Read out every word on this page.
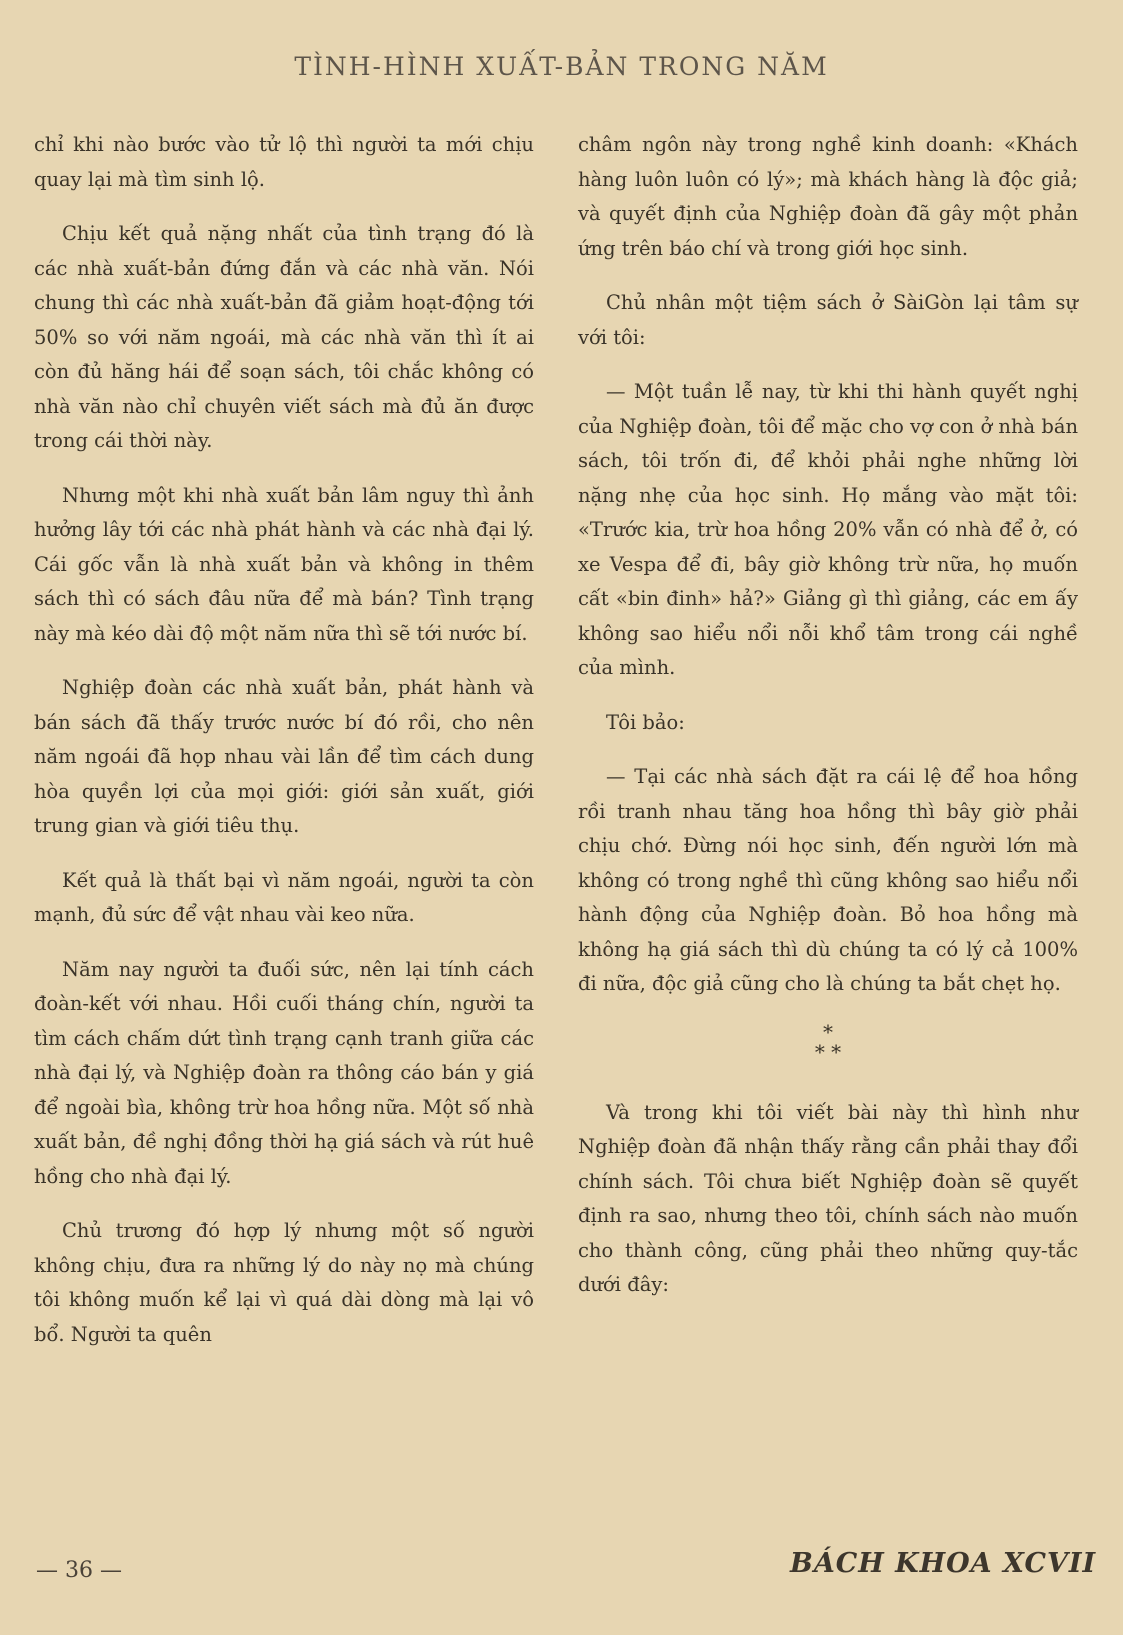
TÌNH-HÌNH XUẤT-BẢN TRONG NĂM

chỉ khi nào bước vào tử lộ thì người ta mới chịu quay lại mà tìm sinh lộ.

Chịu kết quả nặng nhất của tình trạng đó là các nhà xuất-bản đứng đắn và các nhà văn. Nói chung thì các nhà xuất-bản đã giảm hoạt-động tới 50% so với năm ngoái, mà các nhà văn thì ít ai còn đủ hăng hái để soạn sách, tôi chắc không có nhà văn nào chỉ chuyên viết sách mà đủ ăn được trong cái thời này.

Nhưng một khi nhà xuất bản lâm nguy thì ảnh hưởng lây tới các nhà phát hành và các nhà đại lý. Cái gốc vẫn là nhà xuất bản và không in thêm sách thì có sách đâu nữa để mà bán? Tình trạng này mà kéo dài độ một năm nữa thì sẽ tới nước bí.

Nghiệp đoàn các nhà xuất bản, phát hành và bán sách đã thấy trước nước bí đó rồi, cho nên năm ngoái đã họp nhau vài lần để tìm cách dung hòa quyền lợi của mọi giới: giới sản xuất, giới trung gian và giới tiêu thụ.

Kết quả là thất bại vì năm ngoái, người ta còn mạnh, đủ sức để vật nhau vài keo nữa.

Năm nay người ta đuối sức, nên lại tính cách đoàn-kết với nhau. Hồi cuối tháng chín, người ta tìm cách chấm dứt tình trạng cạnh tranh giữa các nhà đại lý, và Nghiệp đoàn ra thông cáo bán y giá để ngoài bìa, không trừ hoa hồng nữa. Một số nhà xuất bản, đề nghị đồng thời hạ giá sách và rút huê hồng cho nhà đại lý.

Chủ trương đó hợp lý nhưng một số người không chịu, đưa ra những lý do này nọ mà chúng tôi không muốn kể lại vì quá dài dòng mà lại vô bổ. Người ta quên

châm ngôn này trong nghề kinh doanh: «Khách hàng luôn luôn có lý»; mà khách hàng là độc giả; và quyết định của Nghiệp đoàn đã gây một phản ứng trên báo chí và trong giới học sinh.

Chủ nhân một tiệm sách ở SàiGòn lại tâm sự với tôi:

— Một tuần lễ nay, từ khi thi hành quyết nghị của Nghiệp đoàn, tôi để mặc cho vợ con ở nhà bán sách, tôi trốn đi, để khỏi phải nghe những lời nặng nhẹ của học sinh. Họ mắng vào mặt tôi: «Trước kia, trừ hoa hồng 20% vẫn có nhà để ở, có xe Vespa để đi, bây giờ không trừ nữa, họ muốn cất «bin đinh» hả?» Giảng gì thì giảng, các em ấy không sao hiểu nổi nỗi khổ tâm trong cái nghề của mình.

Tôi bảo:

— Tại các nhà sách đặt ra cái lệ để hoa hồng rồi tranh nhau tăng hoa hồng thì bây giờ phải chịu chớ. Đừng nói học sinh, đến người lớn mà không có trong nghề thì cũng không sao hiểu nổi hành động của Nghiệp đoàn. Bỏ hoa hồng mà không hạ giá sách thì dù chúng ta có lý cả 100% đi nữa, độc giả cũng cho là chúng ta bắt chẹt họ.

*
* *

Và trong khi tôi viết bài này thì hình như Nghiệp đoàn đã nhận thấy rằng cần phải thay đổi chính sách. Tôi chưa biết Nghiệp đoàn sẽ quyết định ra sao, nhưng theo tôi, chính sách nào muốn cho thành công, cũng phải theo những quy-tắc dưới đây:

— 36 —	BÁCH KHOA XCVII
